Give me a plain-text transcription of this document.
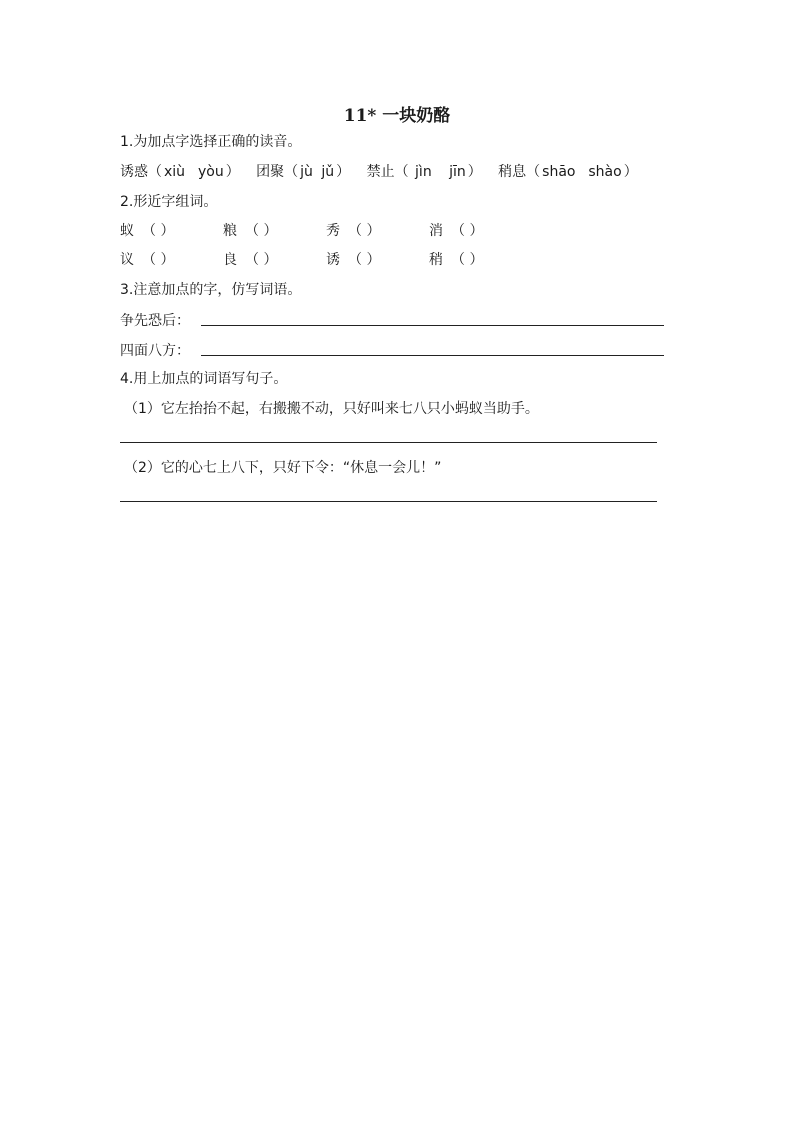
11* 一块奶酪
1.为加点字选择正确的读音。
诱惑（ xiù yòu ） 团聚（ jù jǔ ） 禁止（ jìn jīn ） 稍息（ shāo shào ）
2.形近字组词。
蚁 （ ）	粮 （ ）	秀 （ ）	消 （ ）
议 （ ）	良 （ ）	诱 （ ）	稍 （ ）
3.注意加点的字，仿写词语。
争先恐后：
四面八方：
4.用上加点的词语写句子。
（1）它左抬抬不起，右搬搬不动，只好叫来七八只小蚂蚁当助手。
（2）它的心七上八下，只好下令：“休息一会儿！”
